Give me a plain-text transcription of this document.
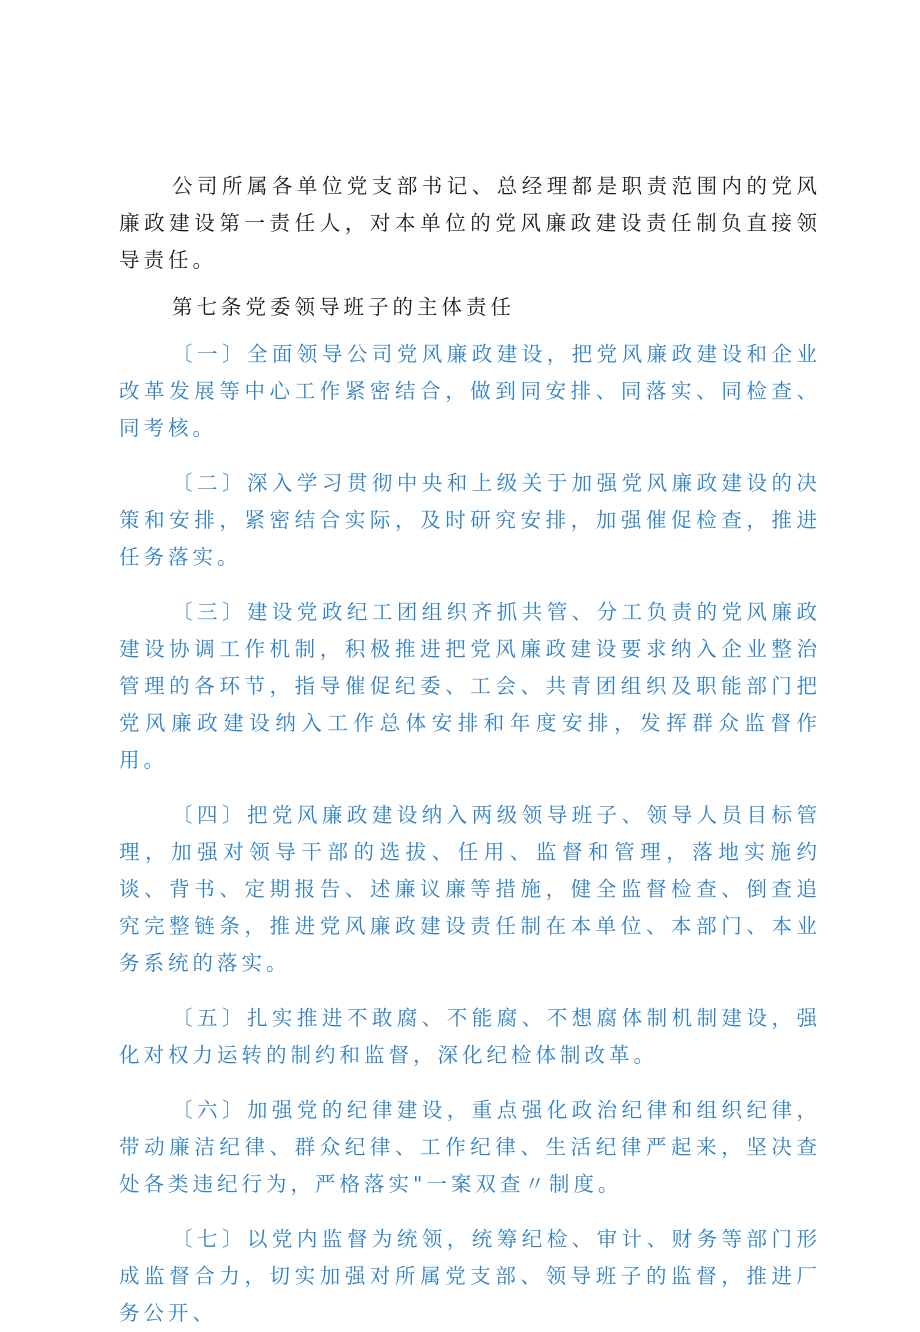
公司所属各单位党支部书记、总经理都是职责范围内的党风廉政建设第一责任人，对本单位的党风廉政建设责任制负直接领导责任。

第七条党委领导班子的主体责任

〔一〕全面领导公司党风廉政建设，把党风廉政建设和企业改革发展等中心工作紧密结合，做到同安排、同落实、同检查、同考核。

〔二〕深入学习贯彻中央和上级关于加强党风廉政建设的决策和安排，紧密结合实际，及时研究安排，加强催促检查，推进任务落实。

〔三〕建设党政纪工团组织齐抓共管、分工负责的党风廉政建设协调工作机制，积极推进把党风廉政建设要求纳入企业整治管理的各环节，指导催促纪委、工会、共青团组织及职能部门把党风廉政建设纳入工作总体安排和年度安排，发挥群众监督作用。

〔四〕把党风廉政建设纳入两级领导班子、领导人员目标管理，加强对领导干部的选拔、任用、监督和管理，落地实施约谈、背书、定期报告、述廉议廉等措施，健全监督检查、倒查追究完整链条，推进党风廉政建设责任制在本单位、本部门、本业务系统的落实。

〔五〕扎实推进不敢腐、不能腐、不想腐体制机制建设，强化对权力运转的制约和监督，深化纪检体制改革。

〔六〕加强党的纪律建设，重点强化政治纪律和组织纪律，带动廉洁纪律、群众纪律、工作纪律、生活纪律严起来，坚决查处各类违纪行为，严格落实"一案双查〃制度。

〔七〕以党内监督为统领，统筹纪检、审计、财务等部门形成监督合力，切实加强对所属党支部、领导班子的监督，推进厂务公开、
